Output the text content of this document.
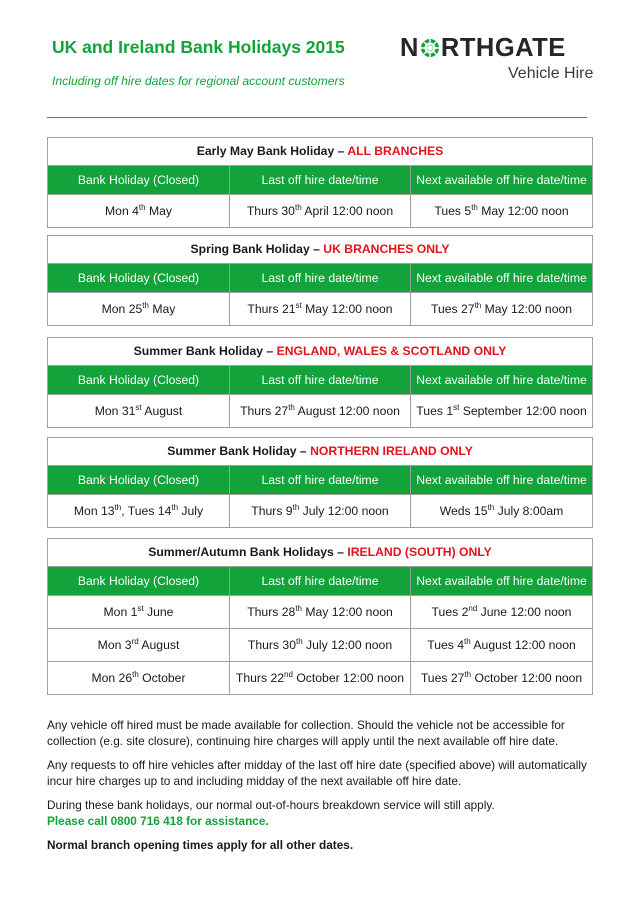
UK and Ireland Bank Holidays 2015
Including off hire dates for regional account customers
N RTHGATE
Vehicle Hire
Early May Bank Holiday – ALL BRANCHES		
Bank Holiday (Closed)	Last off hire date/time	Next available off hire date/time
Mon 4th May	Thurs 30th April 12:00 noon	Tues 5th May 12:00 noon
Spring Bank Holiday – UK BRANCHES ONLY		
Bank Holiday (Closed)	Last off hire date/time	Next available off hire date/time
Mon 25th May	Thurs 21st May 12:00 noon	Tues 27th May 12:00 noon
Summer Bank Holiday – ENGLAND, WALES & SCOTLAND ONLY		
Bank Holiday (Closed)	Last off hire date/time	Next available off hire date/time
Mon 31st August	Thurs 27th August 12:00 noon	Tues 1st September 12:00 noon
Summer Bank Holiday – NORTHERN IRELAND ONLY		
Bank Holiday (Closed)	Last off hire date/time	Next available off hire date/time
Mon 13th, Tues 14th July	Thurs 9th July 12:00 noon	Weds 15th July 8:00am
Summer/Autumn Bank Holidays – IRELAND (SOUTH) ONLY		
Bank Holiday (Closed)	Last off hire date/time	Next available off hire date/time
Mon 1st June	Thurs 28th May 12:00 noon	Tues 2nd June 12:00 noon
Mon 3rd August	Thurs 30th July 12:00 noon	Tues 4th August 12:00 noon
Mon 26th October	Thurs 22nd October 12:00 noon	Tues 27th October 12:00 noon
Any vehicle off hired must be made available for collection. Should the vehicle not be accessible for collection (e.g. site closure), continuing hire charges will apply until the next available off hire date.
Any requests to off hire vehicles after midday of the last off hire date (specified above) will automatically incur hire charges up to and including midday of the next available off hire date.
During these bank holidays, our normal out-of-hours breakdown service will still apply.
Please call 0800 716 418 for assistance.
Normal branch opening times apply for all other dates.
